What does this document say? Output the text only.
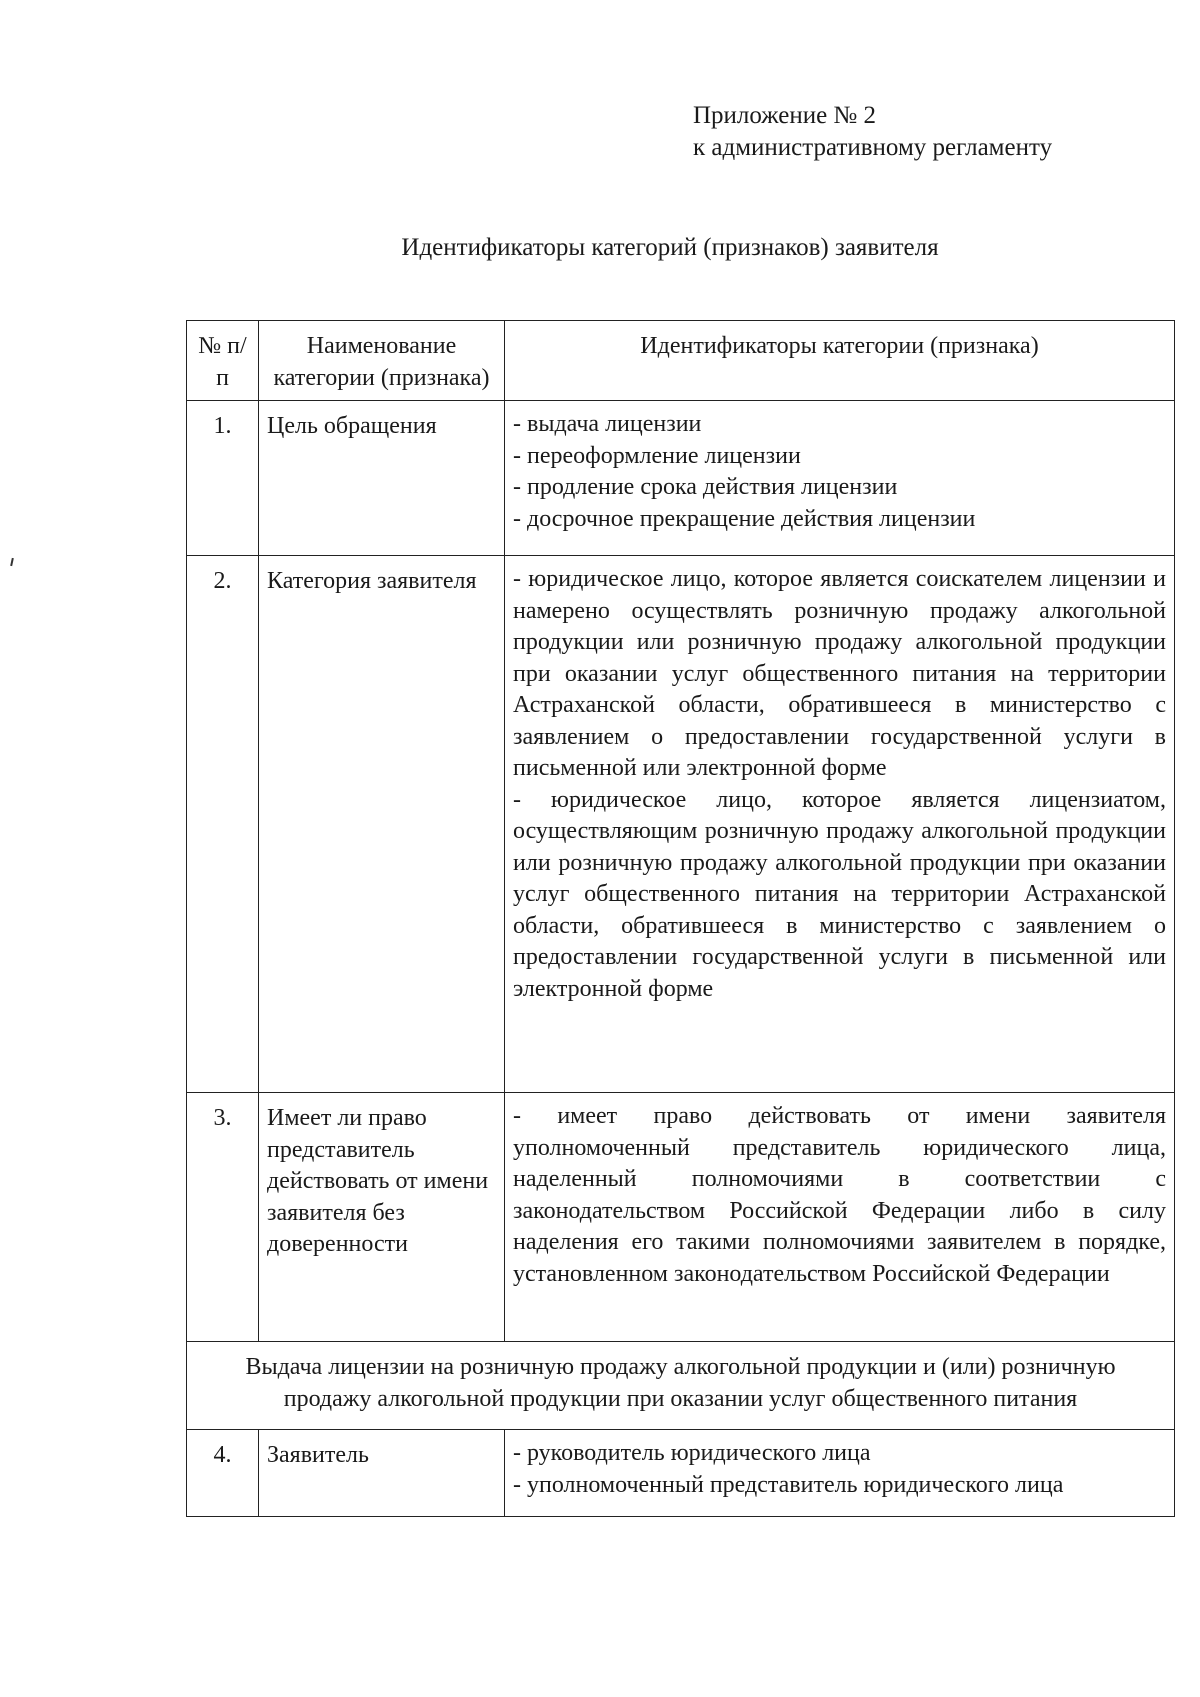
Приложение № 2
к административному регламенту
Идентификаторы категорий (признаков) заявителя
№ п/п	Наименование категории (признака)	Идентификаторы категории (признака)
1.	Цель обращения	- выдача лицензии
- переоформление лицензии
- продление срока действия лицензии
- досрочное прекращение действия лицензии

2.	Категория заявителя	- юридическое лицо, которое является соискателем лицензии и намерено осуществлять розничную продажу алкогольной продукции или розничную продажу алкогольной продукции при оказании услуг общественного питания на территории Астраханской области, обратившееся в министерство с заявлением о предоставлении государственной услуги в письменной или электронной форме
- юридическое лицо, которое является лицензиатом, осуществляющим розничную продажу алкогольной продукции или розничную продажу алкогольной продукции при оказании услуг общественного питания на территории Астраханской области, обратившееся в министерство с заявлением о предоставлении государственной услуги в письменной или электронной форме

3.	Имеет ли право представитель действовать от имени заявителя без доверенности	- имеет право действовать от имени заявителя уполномоченный представитель юридического лица, наделенный полномочиями в соответствии с законодательством Российской Федерации либо в силу наделения его такими полномочиями заявителем в порядке, установленном законодательством Российской Федерации

Выдача лицензии на розничную продажу алкогольной продукции и (или) розничную продажу алкогольной продукции при оказании услуг общественного питания		
4.	Заявитель	- руководитель юридического лица
- уполномоченный представитель юридического лица
